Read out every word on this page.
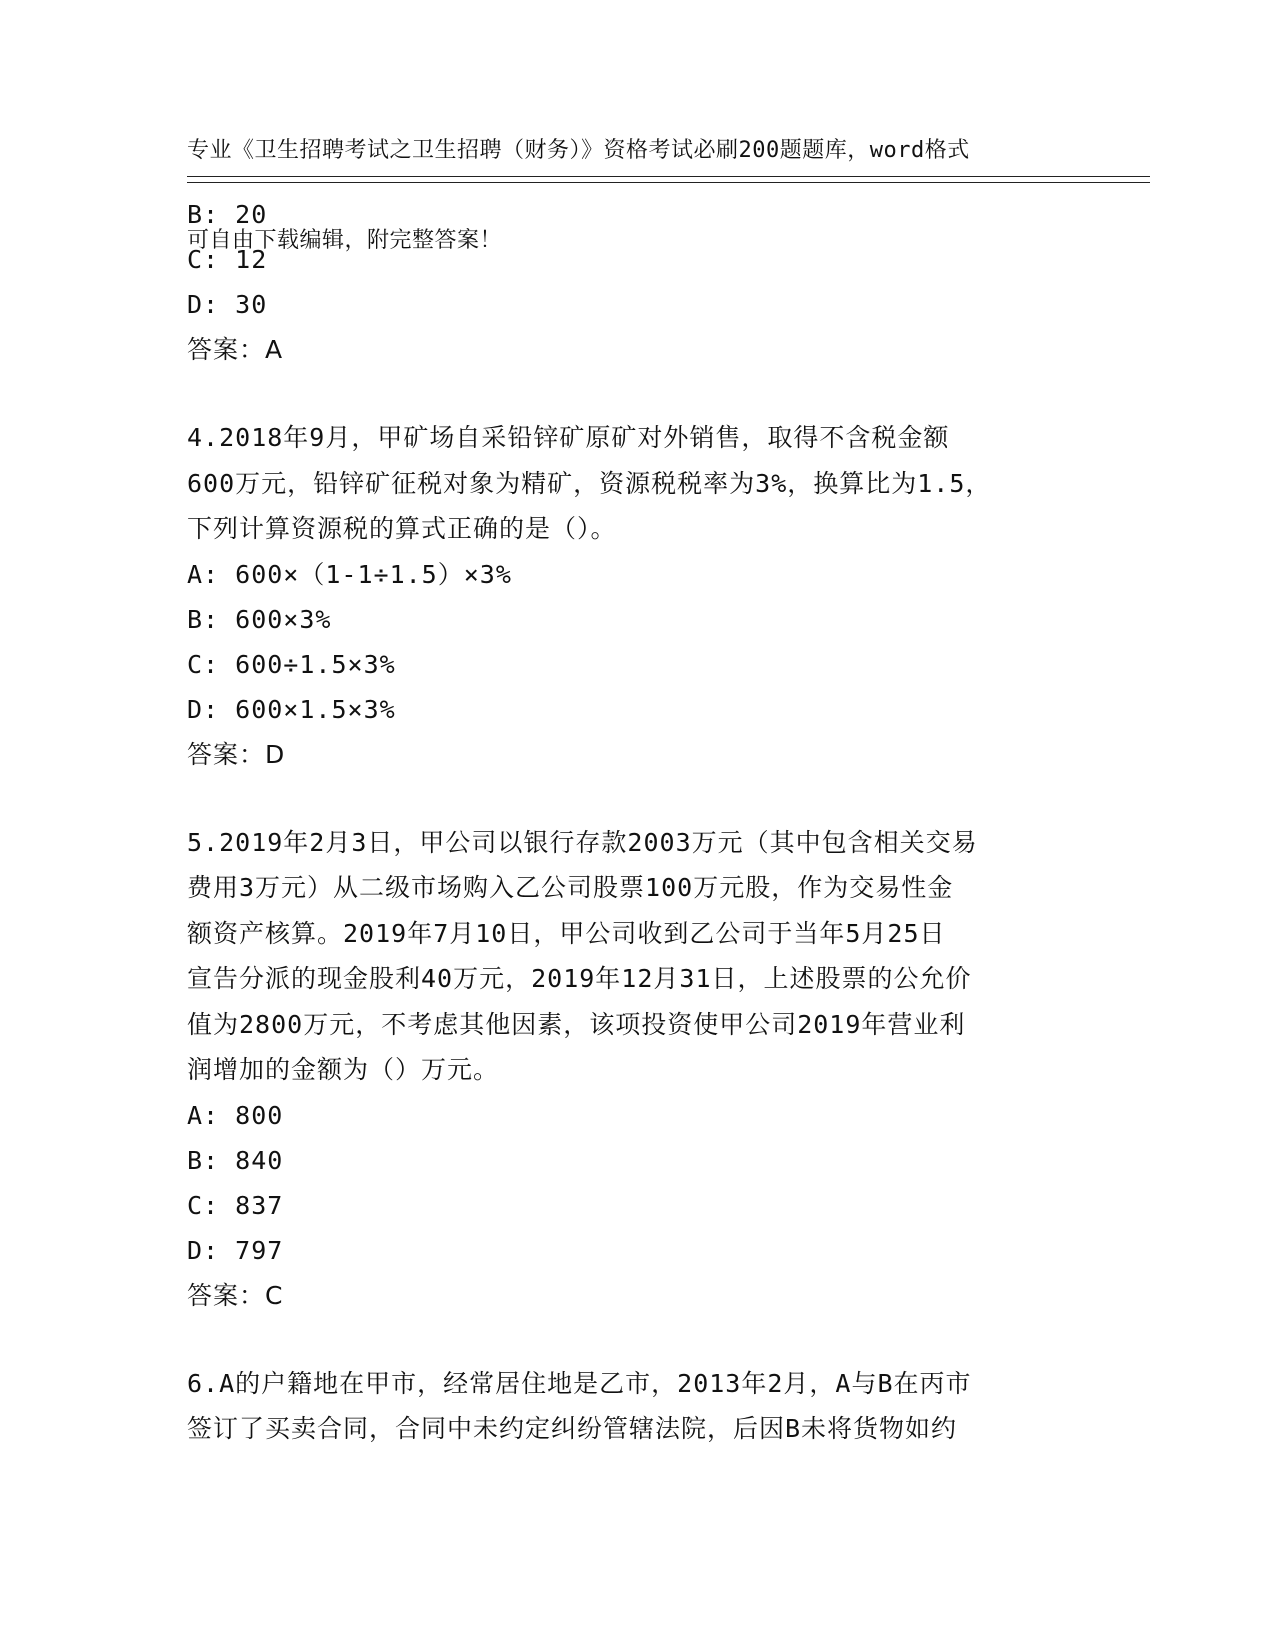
专业《卫生招聘考试之卫生招聘（财务）》资格考试必刷200题题库，word格式

可自由下载编辑，附完整答案！

B: 20
C: 12
D: 30
答案：A
4.2018年9月，甲矿场自采铅锌矿原矿对外销售，取得不含税金额
600万元，铅锌矿征税对象为精矿，资源税税率为3%，换算比为1.5，
下列计算资源税的算式正确的是（）。
A: 600×（1-1÷1.5）×3%
B: 600×3%
C: 600÷1.5×3%
D: 600×1.5×3%
答案：D
5.2019年2月3日，甲公司以银行存款2003万元（其中包含相关交易
费用3万元）从二级市场购入乙公司股票100万元股，作为交易性金
额资产核算。2019年7月10日，甲公司收到乙公司于当年5月25日
宣告分派的现金股利40万元，2019年12月31日，上述股票的公允价
值为2800万元，不考虑其他因素，该项投资使甲公司2019年营业利
润增加的金额为（）万元。
A: 800
B: 840
C: 837
D: 797
答案：C
6.A的户籍地在甲市，经常居住地是乙市，2013年2月，A与B在丙市
签订了买卖合同，合同中未约定纠纷管辖法院，后因B未将货物如约
